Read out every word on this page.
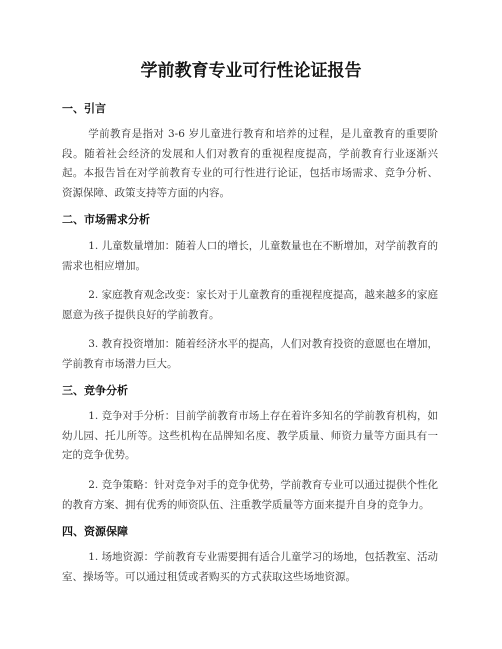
学前教育专业可行性论证报告
一、引言

学前教育是指对 3-6 岁儿童进行教育和培养的过程，是儿童教育的重要阶段。随着社会经济的发展和人们对教育的重视程度提高，学前教育行业逐渐兴起。本报告旨在对学前教育专业的可行性进行论证，包括市场需求、竞争分析、资源保障、政策支持等方面的内容。

二、市场需求分析

1. 儿童数量增加：随着人口的增长，儿童数量也在不断增加，对学前教育的需求也相应增加。

2. 家庭教育观念改变：家长对于儿童教育的重视程度提高，越来越多的家庭愿意为孩子提供良好的学前教育。

3. 教育投资增加：随着经济水平的提高，人们对教育投资的意愿也在增加，学前教育市场潜力巨大。

三、竞争分析

1. 竞争对手分析：目前学前教育市场上存在着许多知名的学前教育机构，如幼儿园、托儿所等。这些机构在品牌知名度、教学质量、师资力量等方面具有一定的竞争优势。

2. 竞争策略：针对竞争对手的竞争优势，学前教育专业可以通过提供个性化的教育方案、拥有优秀的师资队伍、注重教学质量等方面来提升自身的竞争力。

四、资源保障

1. 场地资源：学前教育专业需要拥有适合儿童学习的场地，包括教室、活动室、操场等。可以通过租赁或者购买的方式获取这些场地资源。
